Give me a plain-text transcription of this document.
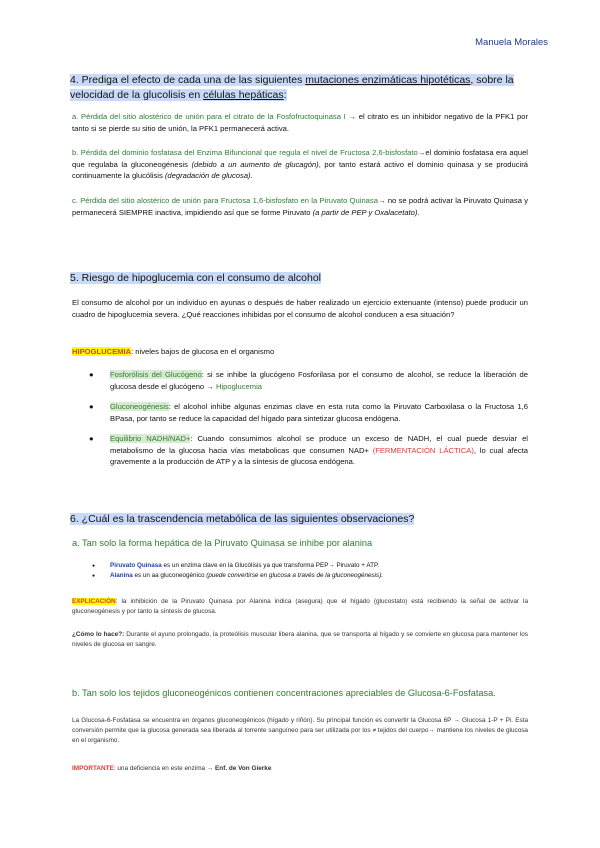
Manuela Morales
4. Prediga el efecto de cada una de las siguientes mutaciones enzimáticas hipotéticas, sobre la velocidad de la glucolisis en células hepáticas:
a. Pérdida del sitio alostérico de unión para el citrato de la Fosfofructoquinasa I → el citrato es un inhibidor negativo de la PFK1 por tanto si se pierde su sitio de unión, la PFK1 permanecerá activa.
b. Pérdida del dominio fosfatasa del Enzima Bifuncional que regula el nivel de Fructosa 2,6-bisfosfato→el dominio fosfatasa era aquel que regulaba la gluconeogénesis (debido a un aumento de glucagón), por tanto estará activo el dominio quinasa y se producirá continuamente la glucólisis (degradación de glucosa).
c. Pérdida del sitio alostérico de unión para Fructosa 1,6-bisfosfato en la Piruvato Quinasa→ no se podrá activar la Piruvato Quinasa y permanecerá SIEMPRE inactiva, impidiendo así que se forme Piruvato (a partir de PEP y Oxalacetato).
5. Riesgo de hipoglucemia con el consumo de alcohol
El consumo de alcohol por un individuo en ayunas o después de haber realizado un ejercicio extenuante (intenso) puede producir un cuadro de hipoglucemia severa. ¿Qué reacciones inhibidas por el consumo de alcohol conducen a esa situación?
HIPOGLUCEMIA: niveles bajos de glucosa en el organismo
● Fosforólisis del Glucógeno: si se inhibe la glucógeno Fosforilasa por el consumo de alcohol, se reduce la liberación de glucosa desde el glucógeno → Hipoglucemia
● Gluconeogénesis: el alcohol inhibe algunas enzimas clave en esta ruta como la Piruvato Carboxilasa o la Fructosa 1,6 BPasa, por tanto se reduce la capacidad del hígado para sintetizar glucosa endógena.
● Equilibrio NADH/NAD+: Cuando consumimos alcohol se produce un exceso de NADH, el cual puede desviar el metabolismo de la glucosa hacia vías metabolicas que consumen NAD+ (FERMENTACIÓN LÁCTICA), lo cual afecta gravemente a la producción de ATP y a la síntesis de glucosa endógena.
6. ¿Cuál es la trascendencia metabólica de las siguientes observaciones?
a. Tan solo la forma hepática de la Piruvato Quinasa se inhibe por alanina
● Piruvato Quinasa es un enzima clave en la Glucólisis ya que transforma PEP→ Piruvato + ATP.
● Alanina es un aa gluconeogénico (puede convertirse en glucosa a través de la gluconeogénesis).
EXPLICACIÓN: la inhibición de la Piruvato Quinasa por Alanina indica (asegura) que el hígado (glucostato) está recibiendo la señal de activar la gluconeogénesis y por tanto la síntesis de glucosa.
¿Cómo lo hace?: Durante el ayuno prolongado, la proteólisis muscular libera alanina, que se transporta al hígado y se convierte en glucosa para mantener los niveles de glucosa en sangre.
b. Tan solo los tejidos gluconeogénicos contienen concentraciones apreciables de Glucosa-6-Fosfatasa.
La Glucosa-6-Fosfatasa se encuentra en órganos gluconeogénicos (hígado y riñón). Su principal función es convertir la Glucosa 6P → Glucosa 1-P + Pi. Esta conversión permite que la glucosa generada sea liberada al torrente sanguíneo para ser utilizada por los ≠ tejidos del cuerpo→ mantiene los niveles de glucosa en el organismo.
IMPORTANTE: una deficiencia en este enzima → Enf. de Von Gierke
